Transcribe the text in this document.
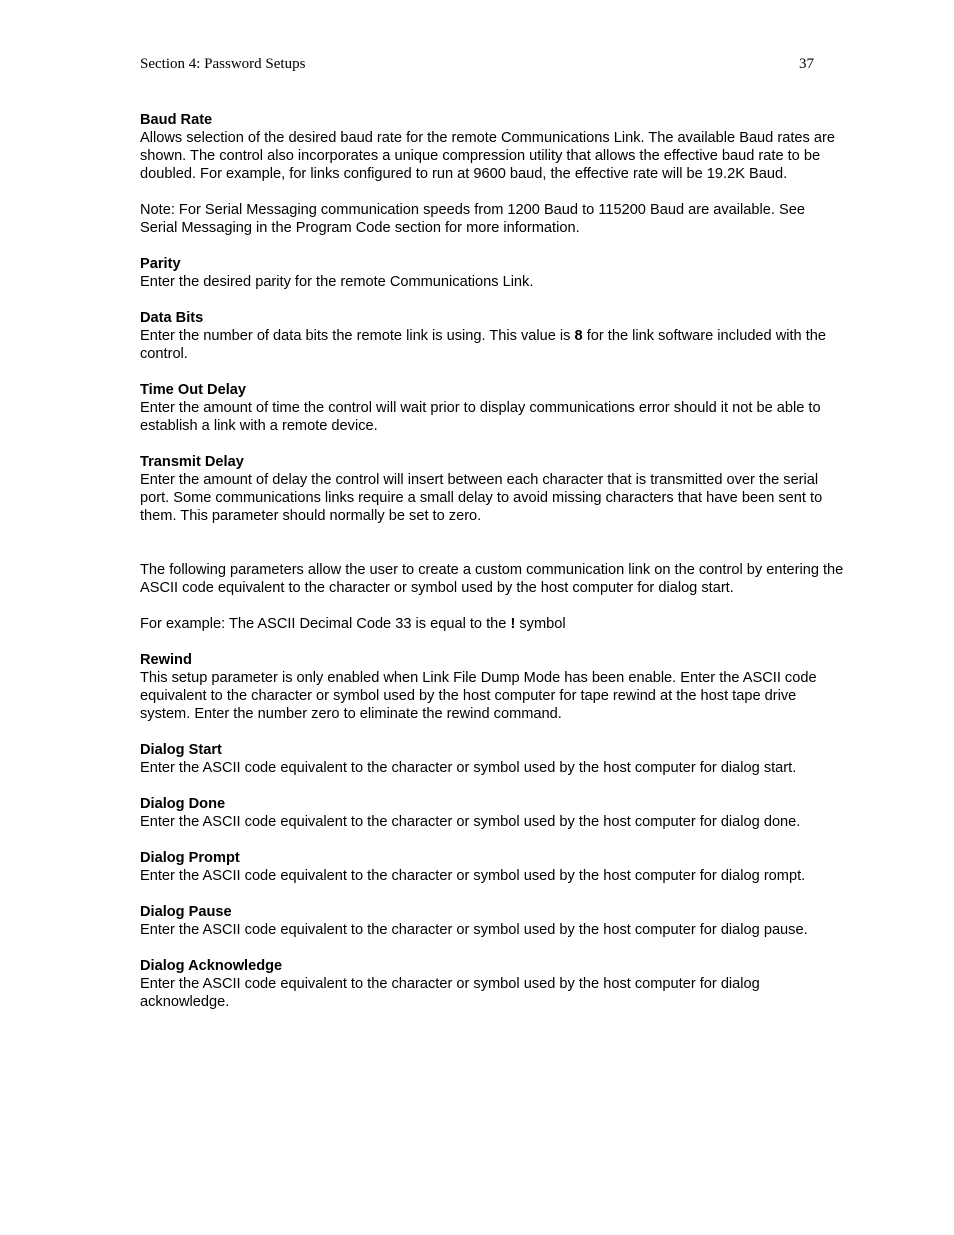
Section 4: Password Setups	37
Baud Rate
Allows selection of the desired baud rate for the remote Communications Link. The available Baud rates are shown. The control also incorporates a unique compression utility that allows the effective baud rate to be doubled. For example, for links configured to run at 9600 baud, the effective rate will be 19.2K Baud.
Note: For Serial Messaging communication speeds from 1200 Baud to 115200 Baud are available. See Serial Messaging in the Program Code section for more information.
Parity
Enter the desired parity for the remote Communications Link.
Data Bits
Enter the number of data bits the remote link is using. This value is 8 for the link software included with the control.
Time Out Delay
Enter the amount of time the control will wait prior to display communications error should it not be able to establish a link with a remote device.
Transmit Delay
Enter the amount of delay the control will insert between each character that is transmitted over the serial port. Some communications links require a small delay to avoid missing characters that have been sent to them. This parameter should normally be set to zero.
The following parameters allow the user to create a custom communication link on the control by entering the ASCII code equivalent to the character or symbol used by the host computer for dialog start.
For example: The ASCII Decimal Code 33 is equal to the ! symbol
Rewind
This setup parameter is only enabled when Link File Dump Mode has been enable. Enter the ASCII code equivalent to the character or symbol used by the host computer for tape rewind at the host tape drive system. Enter the number zero to eliminate the rewind command.
Dialog Start
Enter the ASCII code equivalent to the character or symbol used by the host computer for dialog start.
Dialog Done
Enter the ASCII code equivalent to the character or symbol used by the host computer for dialog done.
Dialog Prompt
Enter the ASCII code equivalent to the character or symbol used by the host computer for dialog rompt.
Dialog Pause
Enter the ASCII code equivalent to the character or symbol used by the host computer for dialog pause.
Dialog Acknowledge
Enter the ASCII code equivalent to the character or symbol used by the host computer for dialog acknowledge.
